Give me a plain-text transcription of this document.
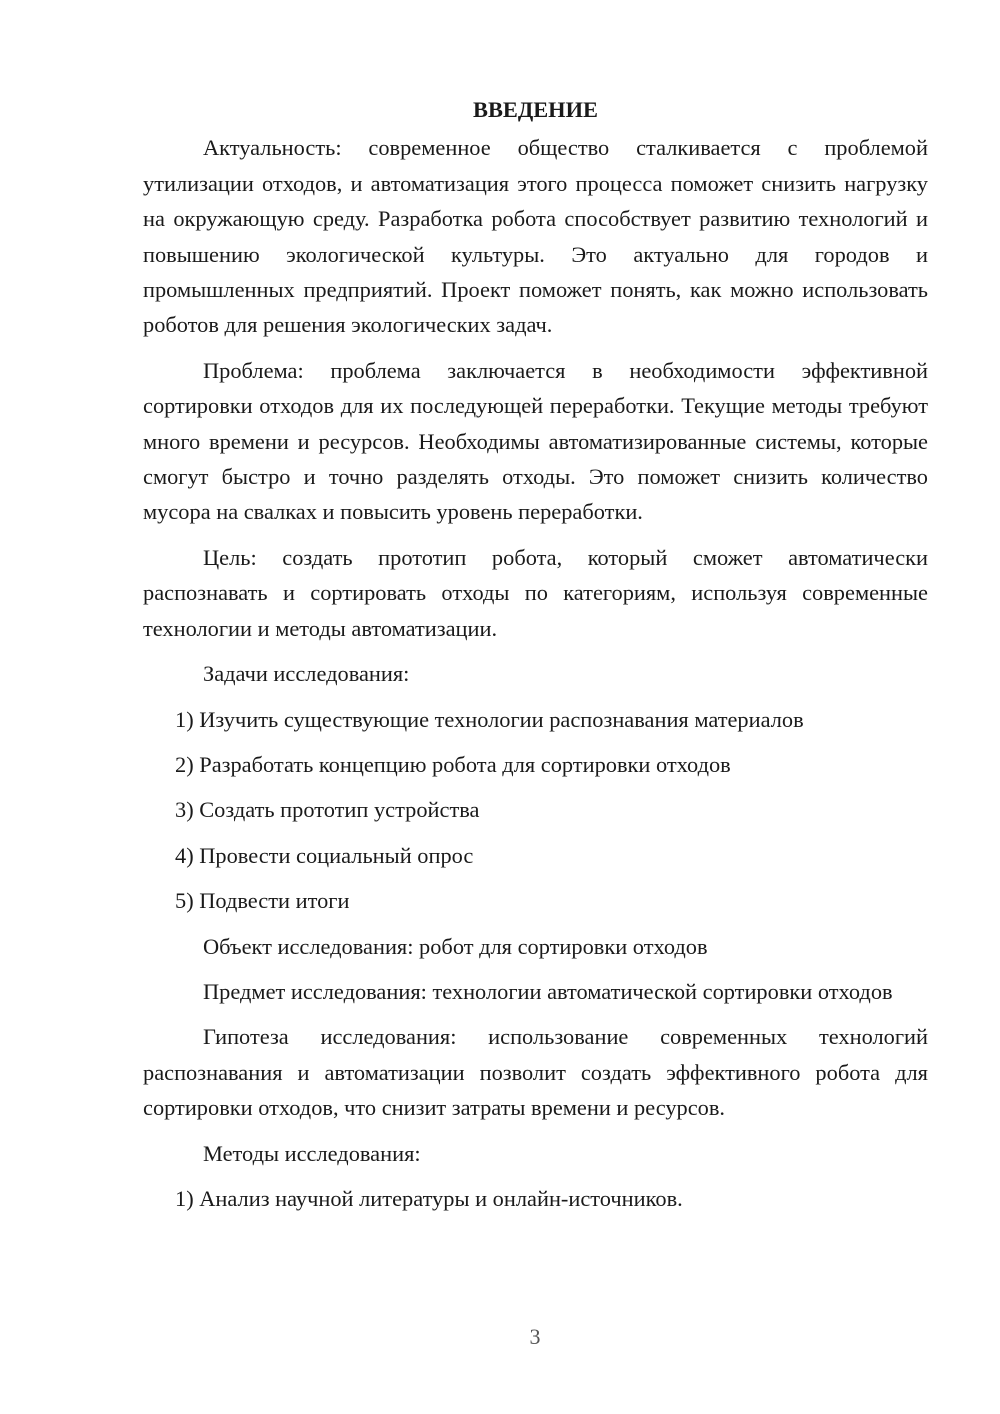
ВВЕДЕНИЕ

Актуальность: современное общество сталкивается с проблемой утилизации отходов, и автоматизация этого процесса поможет снизить нагрузку на окружающую среду. Разработка робота способствует развитию технологий и повышению экологической культуры. Это актуально для городов и промышленных предприятий. Проект поможет понять, как можно использовать роботов для решения экологических задач.

Проблема: проблема заключается в необходимости эффективной сортировки отходов для их последующей переработки. Текущие методы требуют много времени и ресурсов. Необходимы автоматизированные системы, которые смогут быстро и точно разделять отходы. Это поможет снизить количество мусора на свалках и повысить уровень переработки.

Цель: создать прототип робота, который сможет автоматически распознавать и сортировать отходы по категориям, используя современные технологии и методы автоматизации.

Задачи исследования:

1) Изучить существующие технологии распознавания материалов

2) Разработать концепцию робота для сортировки отходов

3) Создать прототип устройства

4) Провести социальный опрос

5) Подвести итоги

Объект исследования: робот для сортировки отходов

Предмет исследования: технологии автоматической сортировки отходов

Гипотеза исследования: использование современных технологий распознавания и автоматизации позволит создать эффективного робота для сортировки отходов, что снизит затраты времени и ресурсов.

Методы исследования:

1) Анализ научной литературы и онлайн-источников.

3
